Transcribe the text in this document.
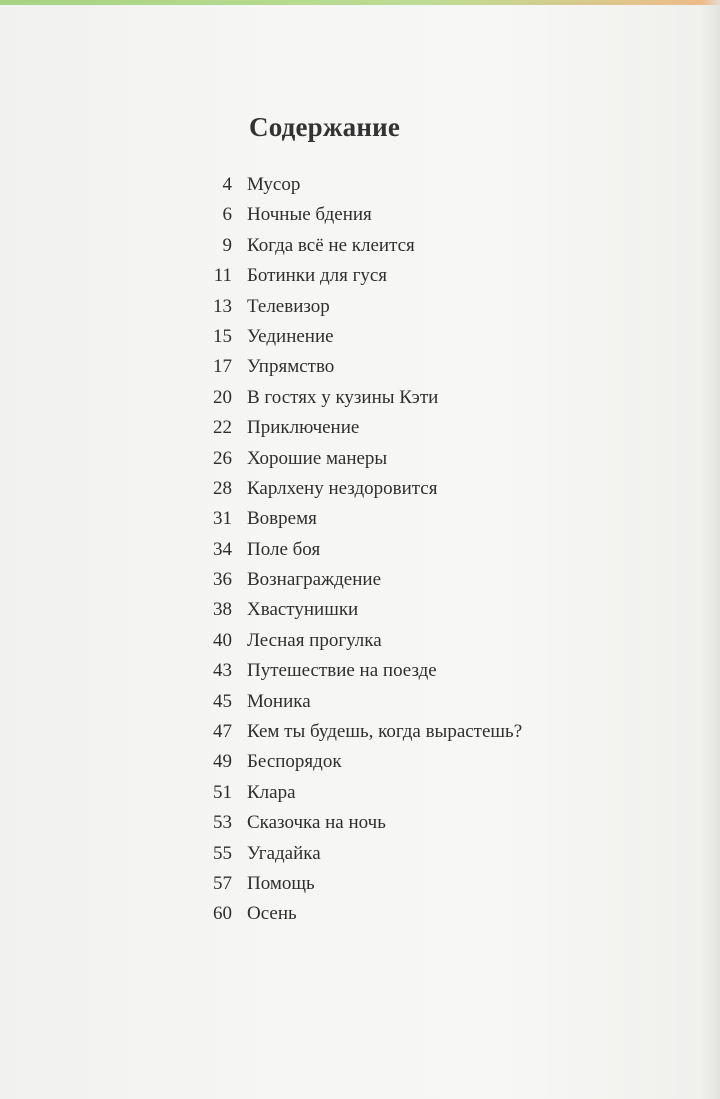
Содержание
4 Мусор
6 Ночные бдения
9 Когда всё не клеится
11 Ботинки для гуся
13 Телевизор
15 Уединение
17 Упрямство
20 В гостях у кузины Кэти
22 Приключение
26 Хорошие манеры
28 Карлхену нездоровится
31 Вовремя
34 Поле боя
36 Вознаграждение
38 Хвастунишки
40 Лесная прогулка
43 Путешествие на поезде
45 Моника
47 Кем ты будешь, когда вырастешь?
49 Беспорядок
51 Клара
53 Сказочка на ночь
55 Угадайка
57 Помощь
60 Осень
